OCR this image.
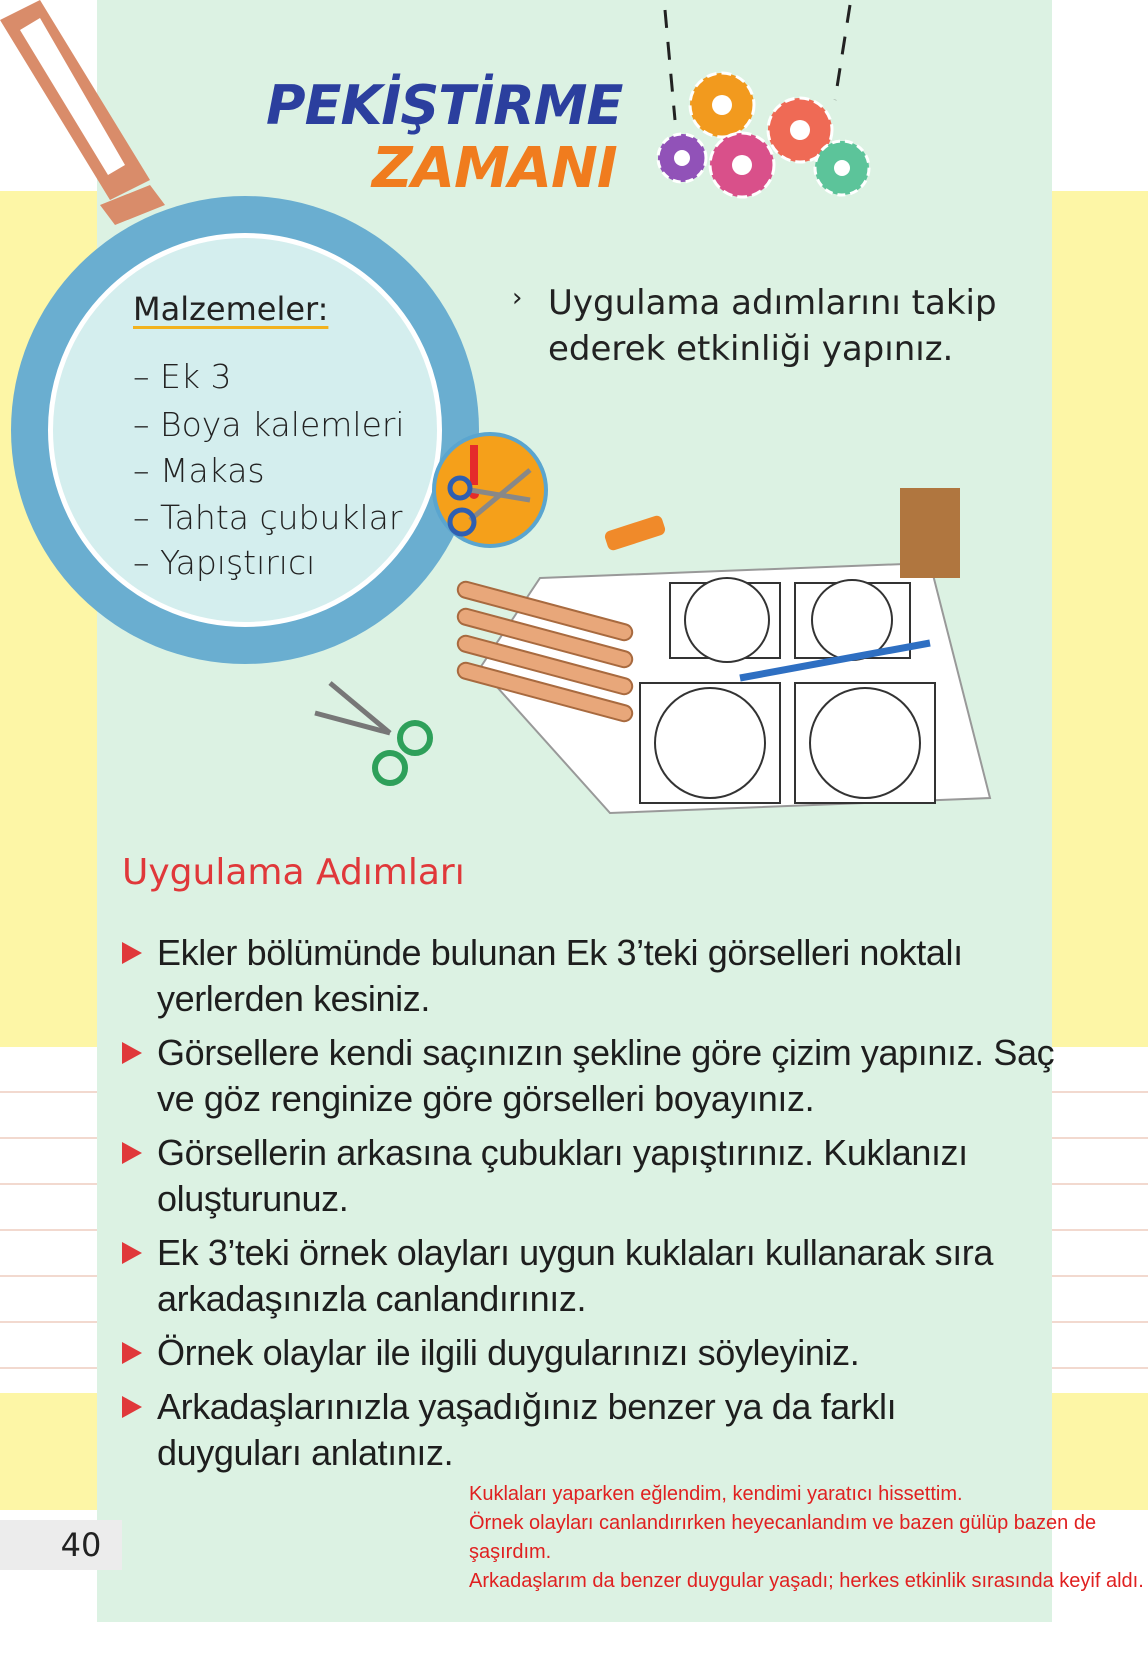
PEKİŞTİRME
ZAMANI
Malzemeler:
– Ek 3
– Boya kalemleri
– Makas
– Tahta çubuklar
– Yapıştırıcı
› Uygulama adımlarını takip
ederek etkinliği yapınız.
Uygulama Adımları
Ekler bölümünde bulunan Ek 3’teki görselleri noktalı yerlerden kesiniz.
Görsellere kendi saçınızın şekline göre çizim yapınız. Saç ve göz renginize göre görselleri boyayınız.
Görsellerin arkasına çubukları yapıştırınız. Kuklanızı oluşturunuz.
Ek 3’teki örnek olayları uygun kuklaları kullanarak sıra arkadaşınızla canlandırınız.
Örnek olaylar ile ilgili duygularınızı söyleyiniz.
Arkadaşlarınızla yaşadığınız benzer ya da farklı duyguları anlatınız.
Kuklaları yaparken eğlendim, kendimi yaratıcı hissettim.
Örnek olayları canlandırırken heyecanlandım ve bazen gülüp bazen de şaşırdım.
Arkadaşlarım da benzer duygular yaşadı; herkes etkinlik sırasında keyif aldı.
40
